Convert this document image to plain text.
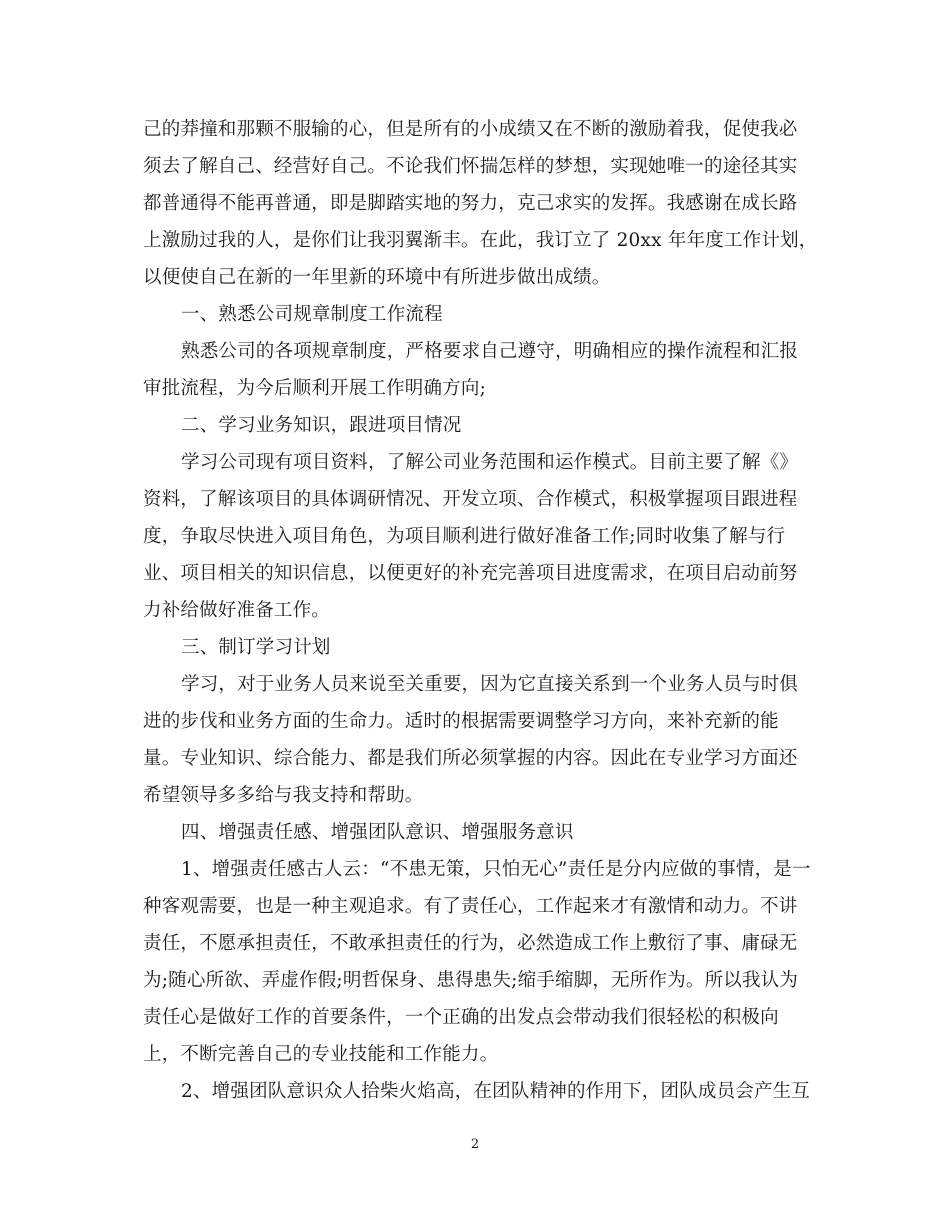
己的莽撞和那颗不服输的心，但是所有的小成绩又在不断的激励着我，促使我必
须去了解自己、经营好自己。不论我们怀揣怎样的梦想，实现她唯一的途径其实
都普通得不能再普通，即是脚踏实地的努力，克己求实的发挥。我感谢在成长路
上激励过我的人，是你们让我羽翼渐丰。在此，我订立了 20xx 年年度工作计划，
以便使自己在新的一年里新的环境中有所进步做出成绩。

一、熟悉公司规章制度工作流程

熟悉公司的各项规章制度，严格要求自己遵守，明确相应的操作流程和汇报
审批流程，为今后顺利开展工作明确方向;

二、学习业务知识，跟进项目情况

学习公司现有项目资料，了解公司业务范围和运作模式。目前主要了解《》
资料，了解该项目的具体调研情况、开发立项、合作模式，积极掌握项目跟进程
度，争取尽快进入项目角色，为项目顺利进行做好准备工作;同时收集了解与行
业、项目相关的知识信息，以便更好的补充完善项目进度需求，在项目启动前努
力补给做好准备工作。

三、制订学习计划

学习，对于业务人员来说至关重要，因为它直接关系到一个业务人员与时俱
进的步伐和业务方面的生命力。适时的根据需要调整学习方向，来补充新的能
量。专业知识、综合能力、都是我们所必须掌握的内容。因此在专业学习方面还
希望领导多多给与我支持和帮助。

四、增强责任感、增强团队意识、增强服务意识

1、增强责任感古人云：“不患无策，只怕无心”责任是分内应做的事情，是一
种客观需要，也是一种主观追求。有了责任心，工作起来才有激情和动力。不讲
责任，不愿承担责任，不敢承担责任的行为，必然造成工作上敷衍了事、庸碌无
为;随心所欲、弄虚作假;明哲保身、患得患失;缩手缩脚，无所作为。所以我认为
责任心是做好工作的首要条件，一个正确的出发点会带动我们很轻松的积极向
上，不断完善自己的专业技能和工作能力。

2、增强团队意识众人拾柴火焰高，在团队精神的作用下，团队成员会产生互

2
